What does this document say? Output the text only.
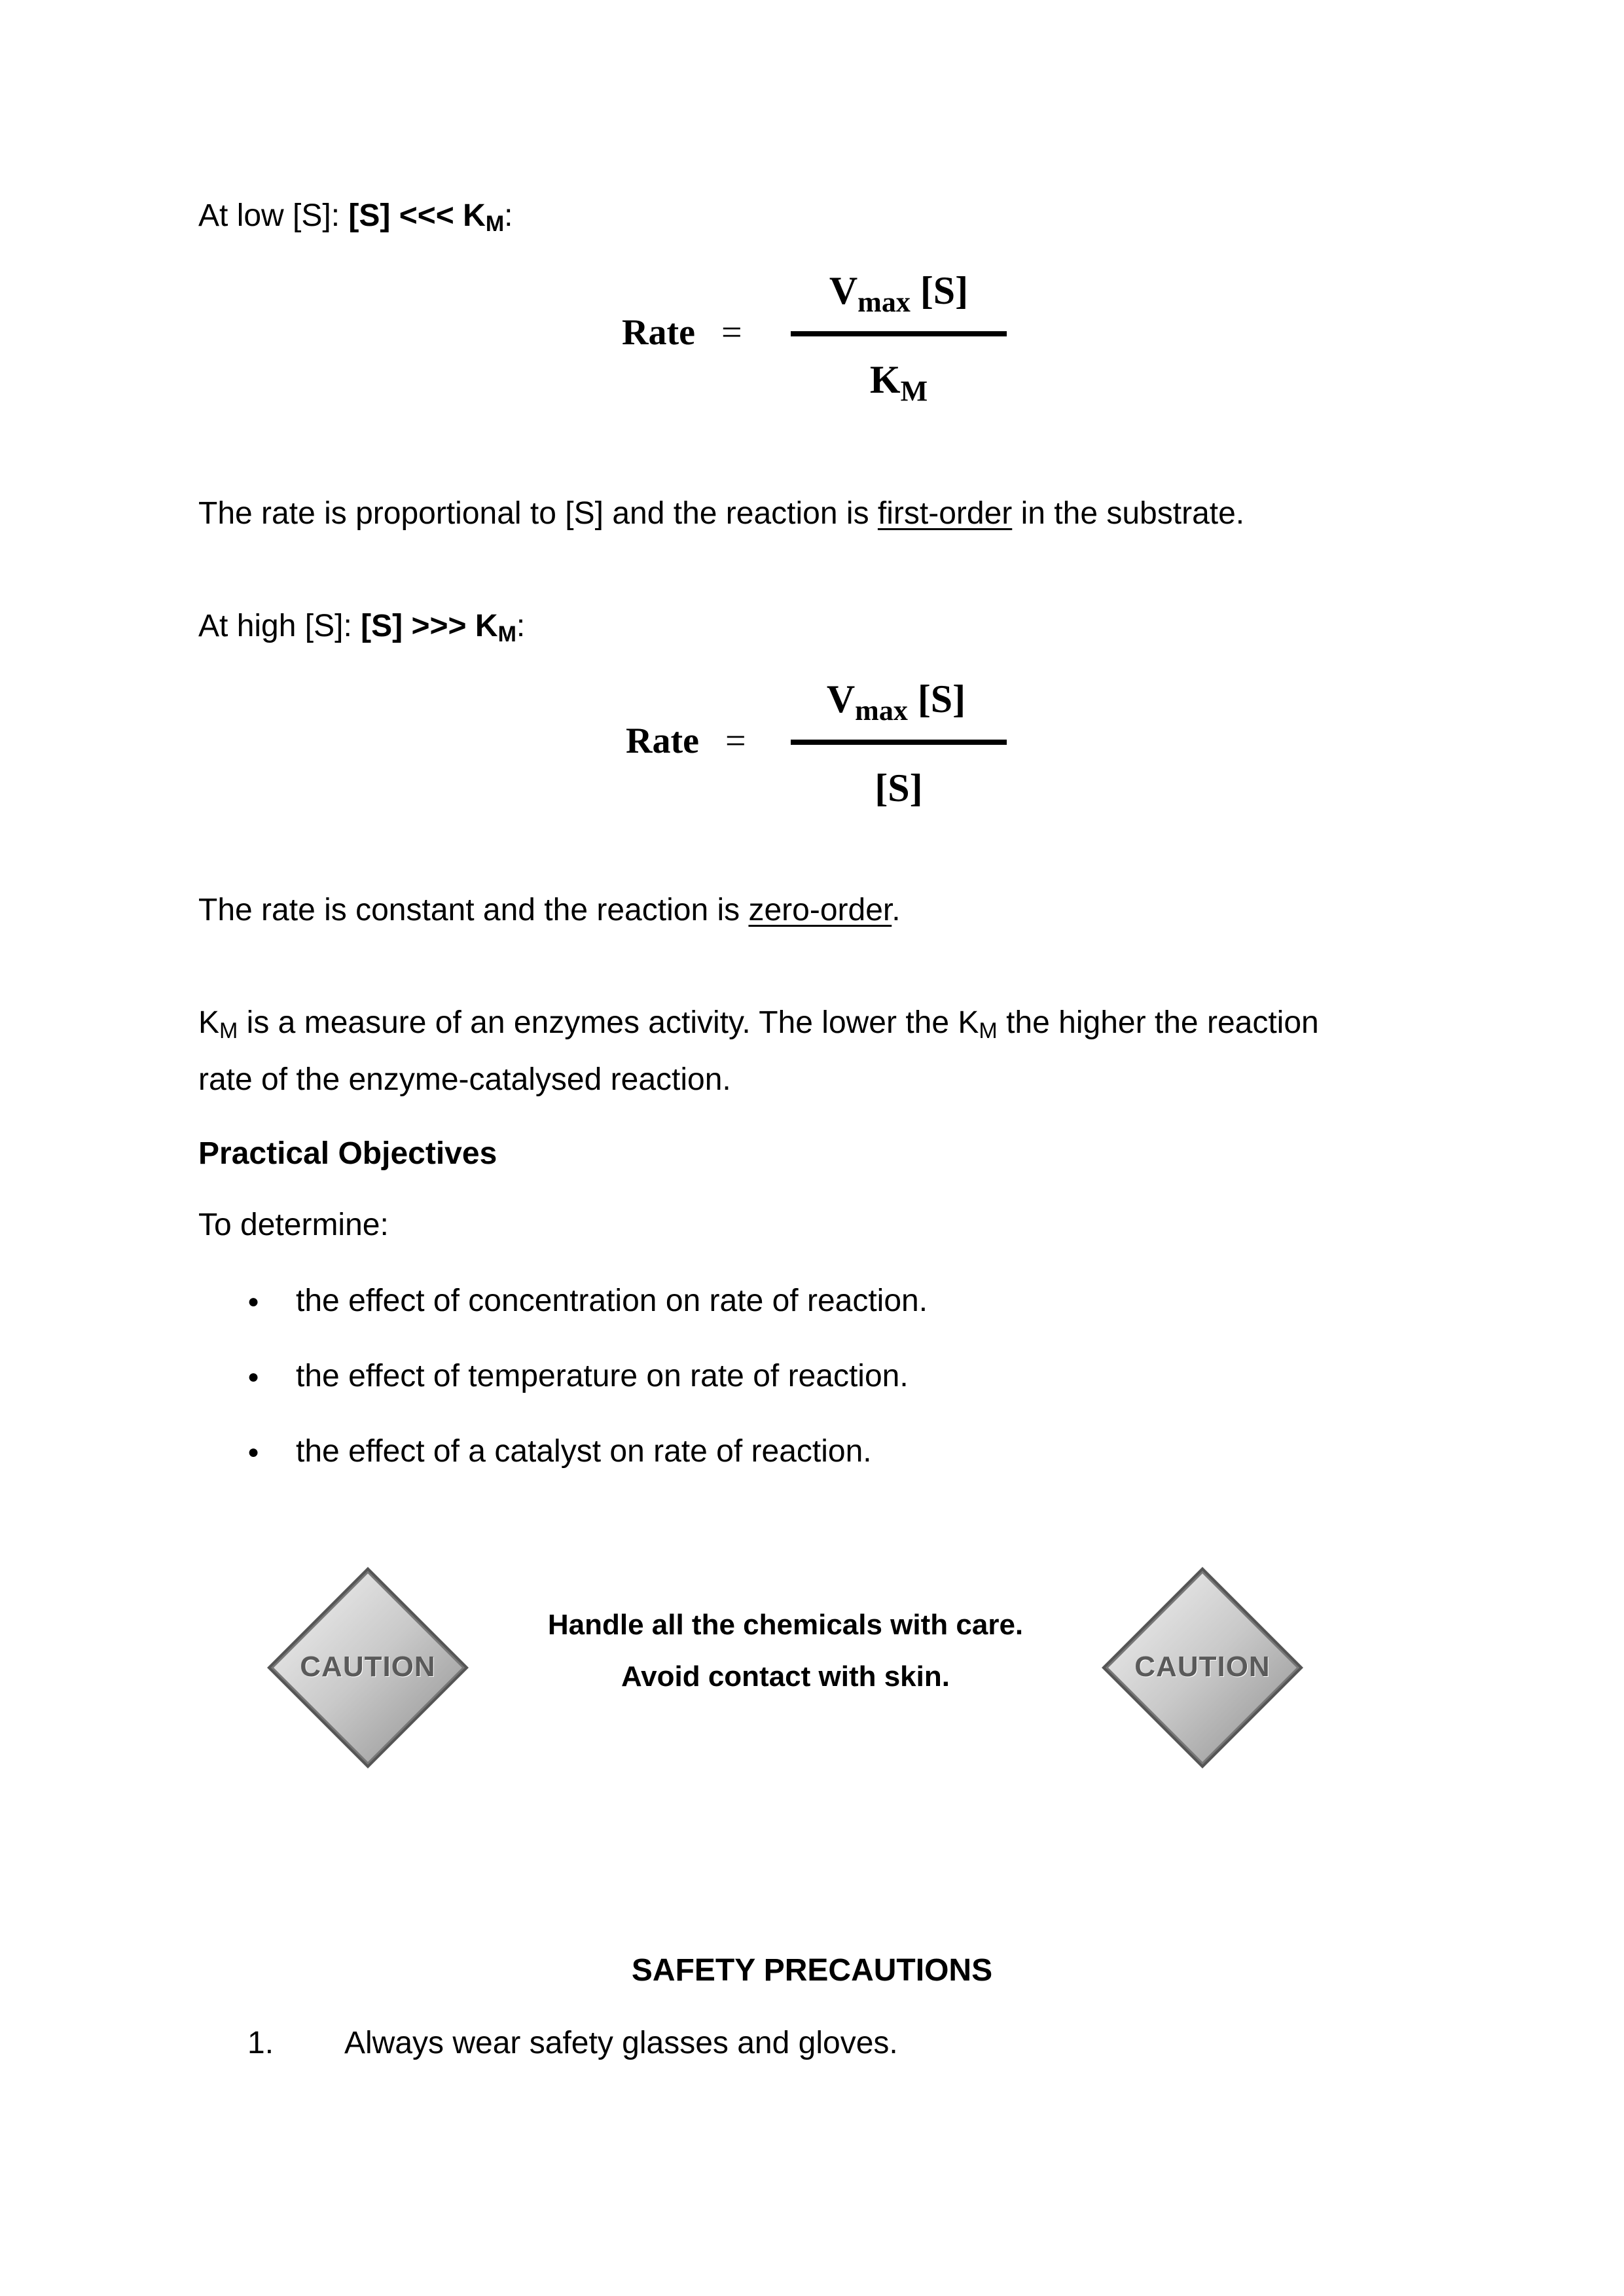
At low [S]: [S] <<< $K_M$:
Rate =
$V_{max}$ [S]
$K_M$
The rate is proportional to [S] and the reaction is first-order in the substrate.
At high [S]: [S] >>> $K_M$:
Rate =
$V_{max}$ [S]
[S]
The rate is constant and the reaction is zero-order.
$K_M$ is a measure of an enzymes activity. The lower the $K_M$ the higher the reaction
rate of the enzyme-catalysed reaction.
Practical Objectives
To determine:
● the effect of concentration on rate of reaction.
● the effect of temperature on rate of reaction.
● the effect of a catalyst on rate of reaction.
CAUTION	CAUTION
Handle all the chemicals with care.
Avoid contact with skin.
SAFETY PRECAUTIONS
1. Always wear safety glasses and gloves.
